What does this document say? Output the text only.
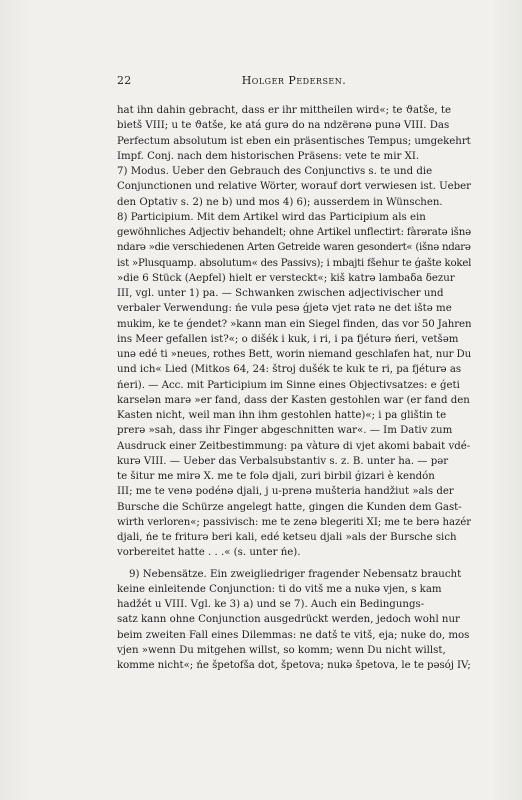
22	Holger Pedersen.
hat ihn dahin gebracht, dass er ihr mittheilen wird«; te ϑatše, te
bietš VIII; u te ϑatše, ke atá gurə do na ndzërənə punə VIII. Das
Perfectum absolutum ist eben ein präsentisches Tempus; umgekehrt
Impf. Conj. nach dem historischen Präsens: vete te mir XI.
7) Modus. Ueber den Gebrauch des Conjunctivs s. te und die
Conjunctionen und relative Wörter, worauf dort verwiesen ist. Ueber
den Optativ s. 2) ne b) und mos 4) 6); ausserdem in Wünschen.
8) Participium. Mit dem Artikel wird das Participium als ein
gewöhnliches Adjectiv behandelt; ohne Artikel unflectirt: fàrəratə išnə
ndarə »die verschiedenen Arten Getreide waren gesondert« (išnə ndarə
ist »Plusquamp. absolutum« des Passivs); i mbajti fšehur te ǵašte kokel
»die 6 Stück (Aepfel) hielt er versteckt«; kiš katrə lambaδa δezur
III, vgl. unter 1) pa. — Schwanken zwischen adjectivischer und
verbaler Verwendung: ńe vulə pesə ǵjetə vjet ratə ne det ištə me
mukim, ke te ǵendet? »kann man ein Siegel finden, das vor 50 Jahren
ins Meer gefallen ist?«; o dišék i kuk, i ri, i pa fjéturə ńeri, vetšəm
unə edé ti »neues, rothes Bett, worin niemand geschlafen hat, nur Du
und ich« Lied (Mitkos 64, 24: štroj dušék te kuk te ri, pa fjéturə as
ńeri). — Acc. mit Participium im Sinne eines Objectivsatzes: e ǵeti
karselən marə »er fand, dass der Kasten gestohlen war (er fand den
Kasten nicht, weil man ihn ihm gestohlen hatte)«; i pa glištin te
prerə »sah, dass ihr Finger abgeschnitten war«. — Im Dativ zum
Ausdruck einer Zeitbestimmung: pa vàturə di vjet akomi babait vdé-
kurə VIII. — Ueber das Verbalsubstantiv s. z. B. unter ha. — pər
te šitur me mirə X. me te folə djali, zuri birbil ǵizari è kendón
III; me te venə podénə djali, j u-prenə mušteria handžiut »als der
Bursche die Schürze angelegt hatte, gingen die Kunden dem Gast-
wirth verloren«; passivisch: me te zenə blegeriti XI; me te berə hazér
djali, ńe te friturə beri kali, edé ketseu djali »als der Bursche sich
vorbereitet hatte . . .« (s. unter ńe).
9) Nebensätze. Ein zweigliedriger fragender Nebensatz braucht
keine einleitende Conjunction: ti do vitš me a nukə vjen, s kam
hadžét u VIII. Vgl. ke 3) a) und se 7). Auch ein Bedingungs-
satz kann ohne Conjunction ausgedrückt werden, jedoch wohl nur
beim zweiten Fall eines Dilemmas: ne datš te vitš, eja; nuke do, mos
vjen »wenn Du mitgehen willst, so komm; wenn Du nicht willst,
komme nicht«; ńe špetofša dot, špetova; nukə špetova, le te pəsój IV;
